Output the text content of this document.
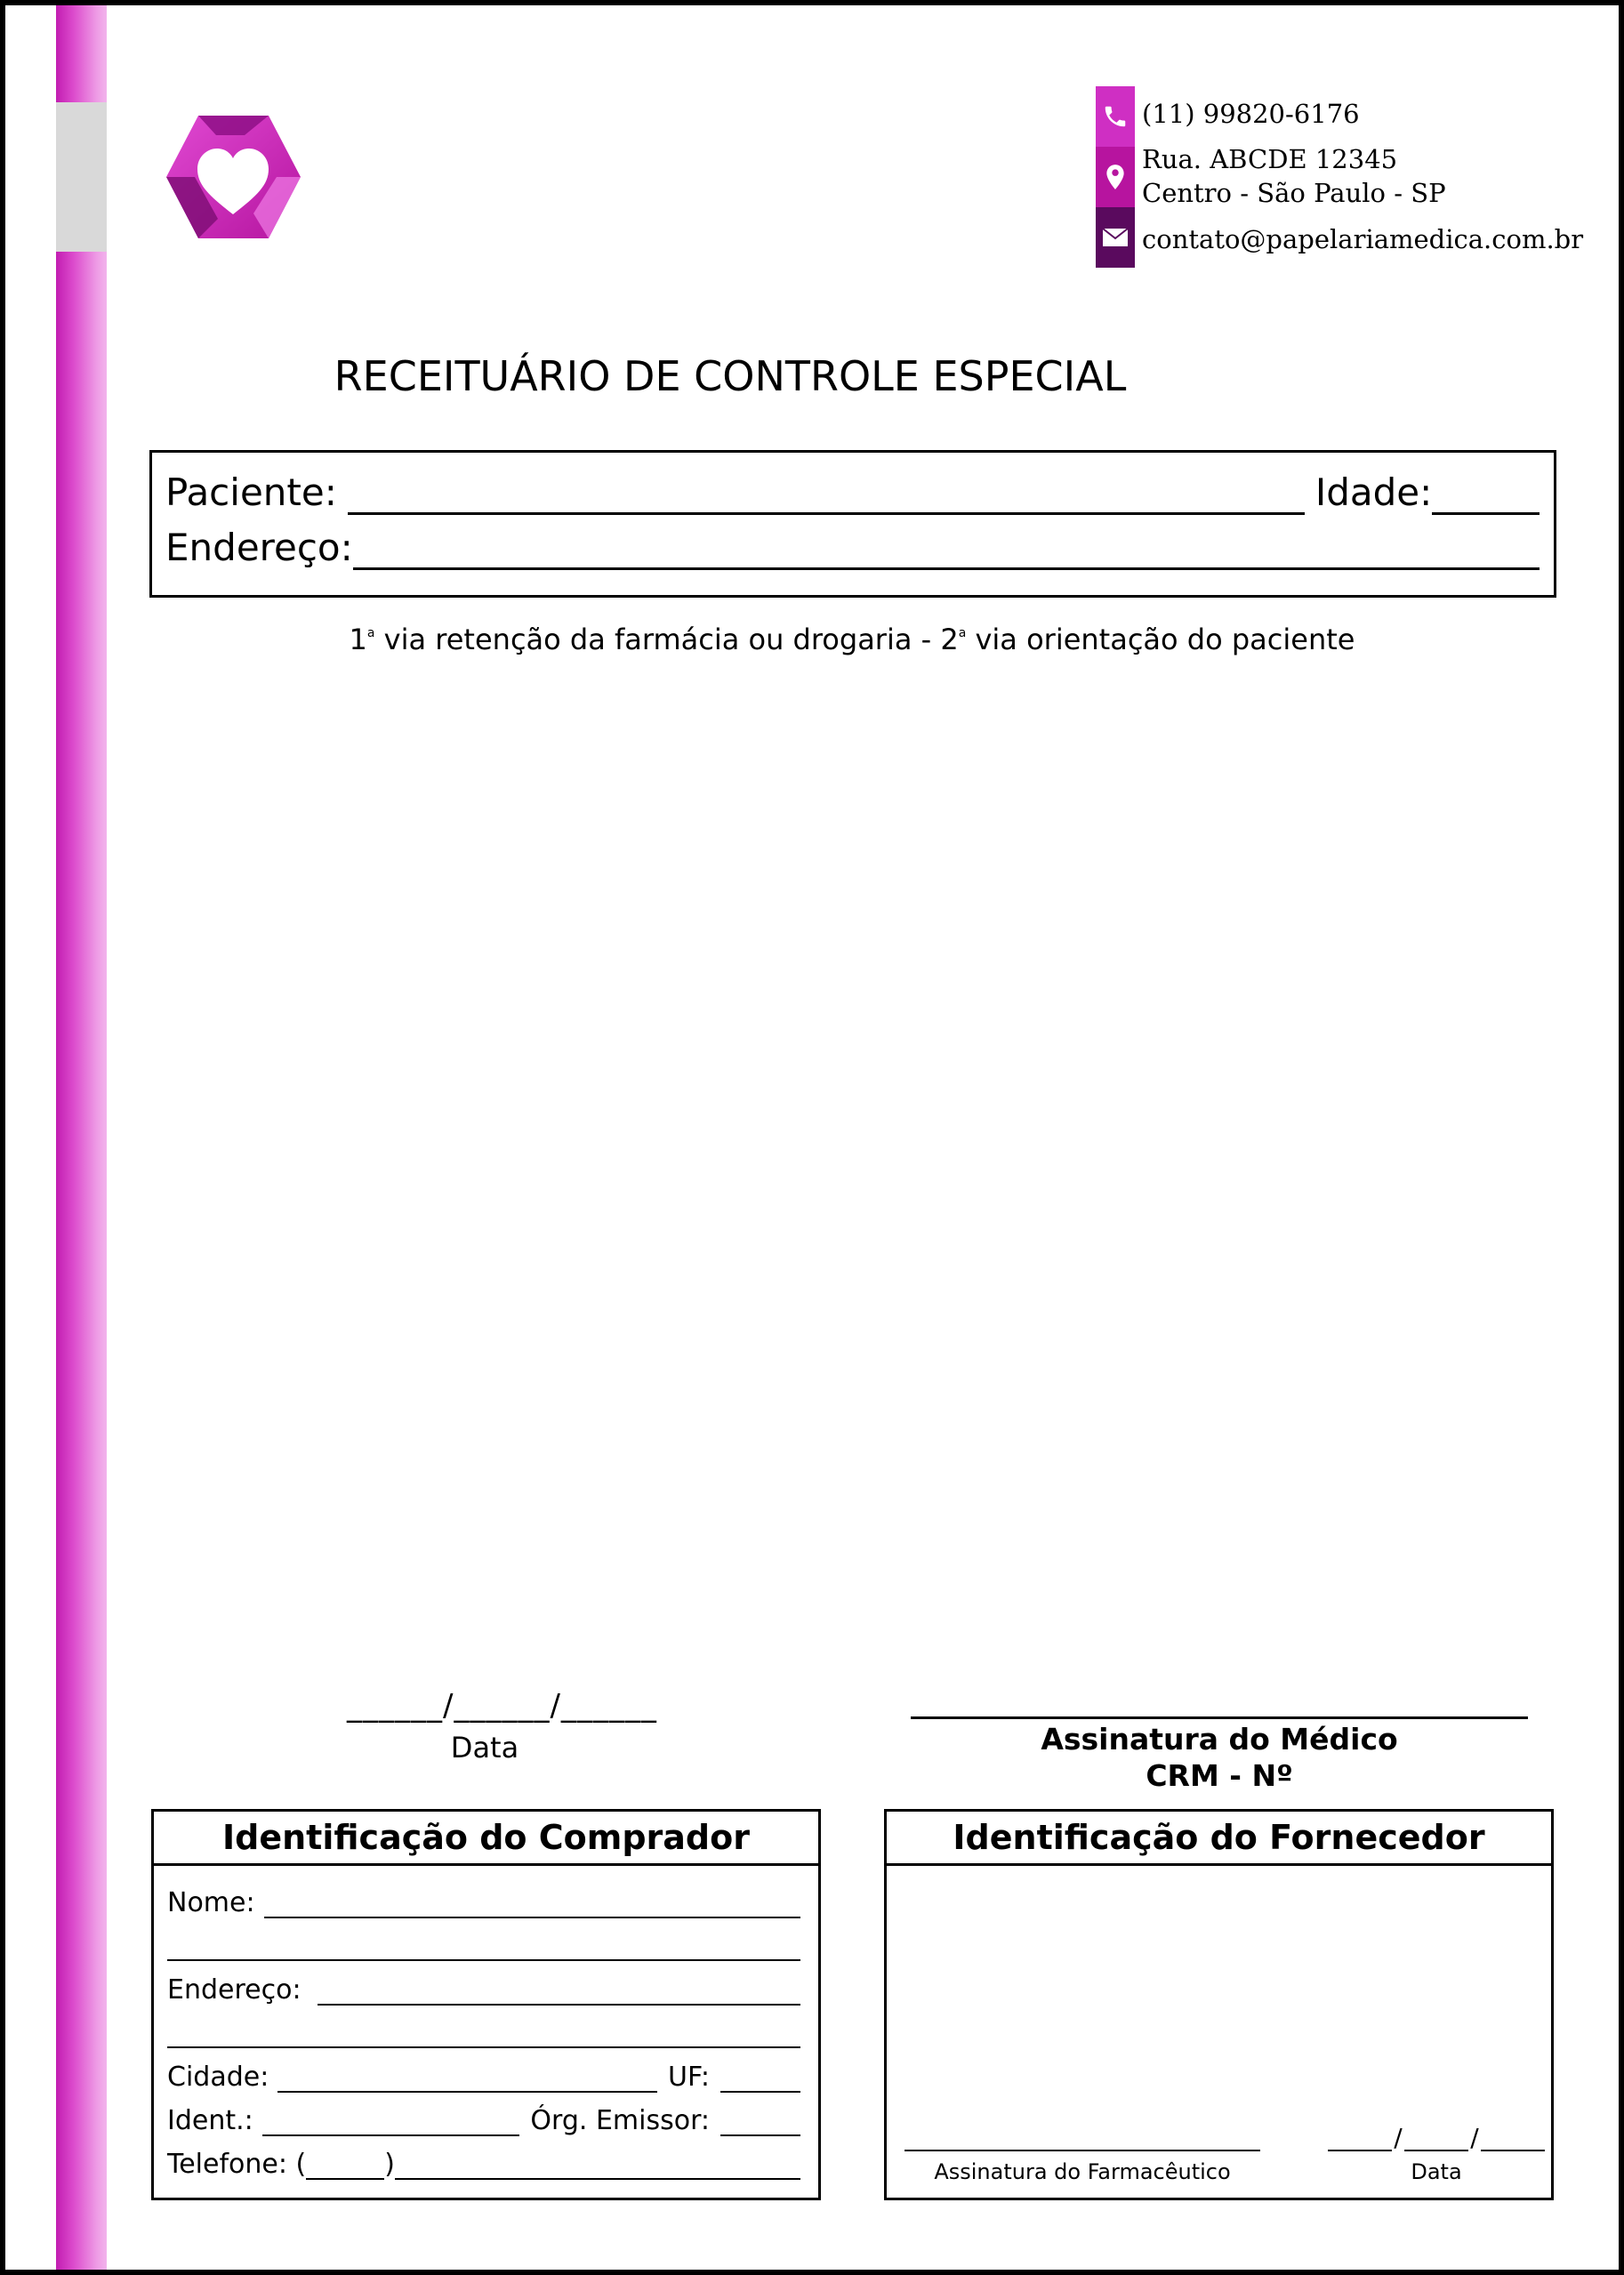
(11) 99820-6176
Rua. ABCDE 12345
Centro - São Paulo - SP
contato@papelariamedica.com.br
RECEITUÁRIO DE CONTROLE ESPECIAL
Paciente:	Idade:
Endereço:
1$^a$ via retenção da farmácia ou drogaria - 2$^a$ via orientação do paciente
______/______/______
Data	Assinatura do Médico
CRM - Nº
Identificação do Comprador
Nome:
Endereço:
Cidade:	UF:
Ident.:	Órg. Emissor:
Telefone: (	)
Identificação do Fornecedor
Assinatura do Farmacêutico
/	/
Data
